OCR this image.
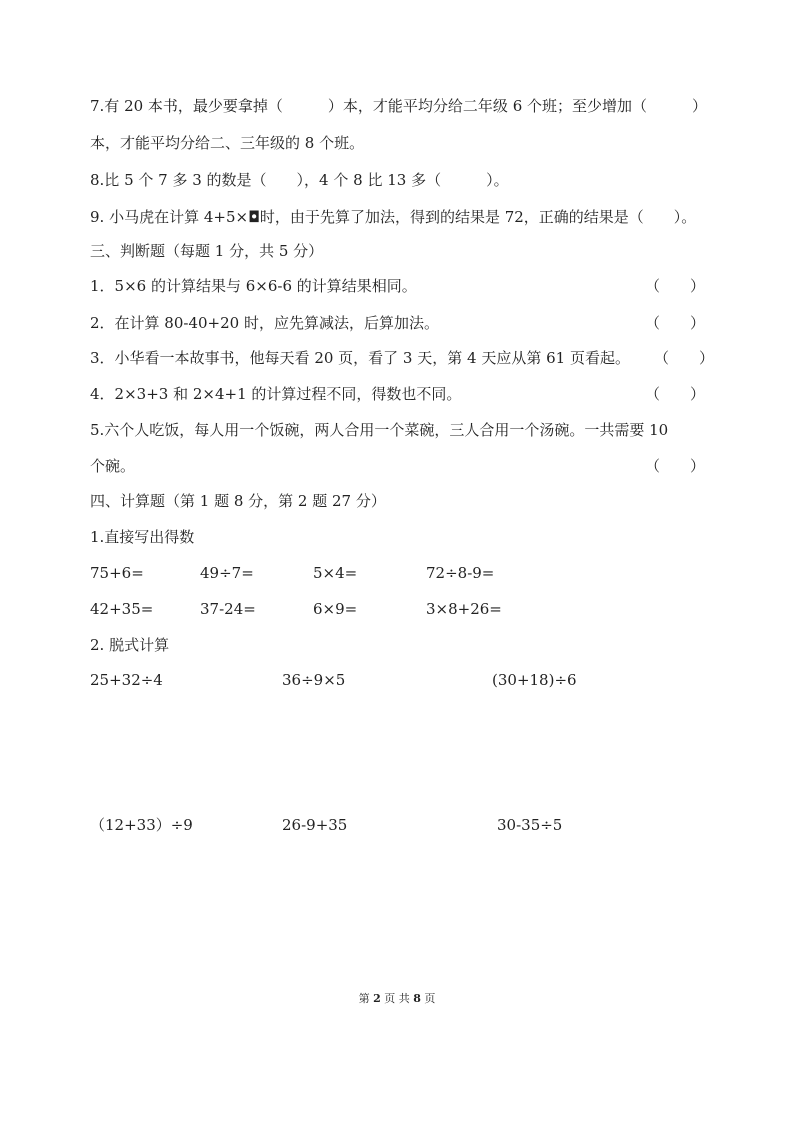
7.有 20 本书，最少要拿掉（　　　）本，才能平均分给二年级 6 个班；至少增加（　　　）
本，才能平均分给二、三年级的 8 个班。
8.比 5 个 7 多 3 的数是（　　），4 个 8 比 13 多（　　　）。
9. 小马虎在计算 4+5×◘时，由于先算了加法，得到的结果是 72，正确的结果是（　　）。
三、判断题（每题 1 分，共 5 分）
1．5×6 的计算结果与 6×6-6 的计算结果相同。	（　　）
2．在计算 80-40+20 时，应先算减法，后算加法。	（　　）
3．小华看一本故事书，他每天看 20 页，看了 3 天，第 4 天应从第 61 页看起。 （　　）
4．2×3+3 和 2×4+1 的计算过程不同，得数也不同。	（　　）
5.六个人吃饭，每人用一个饭碗，两人合用一个菜碗，三人合用一个汤碗。一共需要 10
个碗。	（　　）
四、计算题（第 1 题 8 分，第 2 题 27 分）
1.直接写出得数
75+6=	49÷7=	5×4=	72÷8-9=
42+35=	37-24=	6×9=	3×8+26=
2. 脱式计算
25+32÷4	36÷9×5	(30+18)÷6
（12+33）÷9	26-9+35	30-35÷5
第 2 页 共 8 页
